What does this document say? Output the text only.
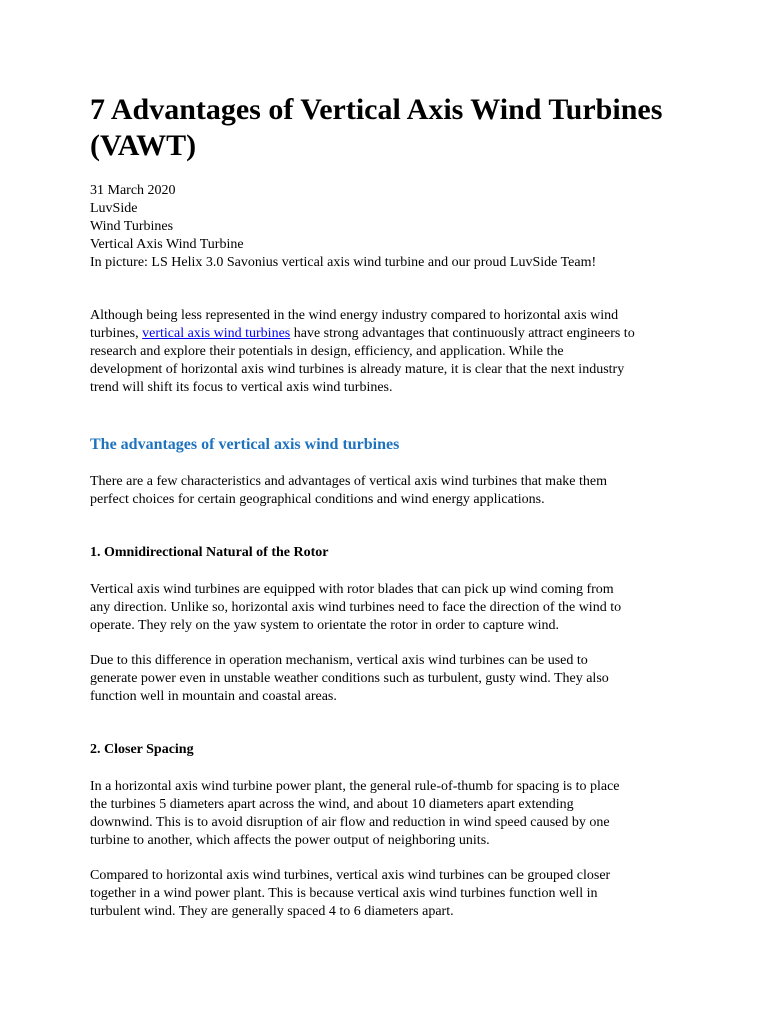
7 Advantages of Vertical Axis Wind Turbines
(VAWT)
31 March 2020
LuvSide
Wind Turbines
Vertical Axis Wind Turbine
In picture: LS Helix 3.0 Savonius vertical axis wind turbine and our proud LuvSide Team!

Although being less represented in the wind energy industry compared to horizontal axis wind
turbines, vertical axis wind turbines have strong advantages that continuously attract engineers to
research and explore their potentials in design, efficiency, and application. While the
development of horizontal axis wind turbines is already mature, it is clear that the next industry
trend will shift its focus to vertical axis wind turbines.

The advantages of vertical axis wind turbines

There are a few characteristics and advantages of vertical axis wind turbines that make them
perfect choices for certain geographical conditions and wind energy applications.

1. Omnidirectional Natural of the Rotor

Vertical axis wind turbines are equipped with rotor blades that can pick up wind coming from
any direction. Unlike so, horizontal axis wind turbines need to face the direction of the wind to
operate. They rely on the yaw system to orientate the rotor in order to capture wind.

Due to this difference in operation mechanism, vertical axis wind turbines can be used to
generate power even in unstable weather conditions such as turbulent, gusty wind. They also
function well in mountain and coastal areas.

2. Closer Spacing

In a horizontal axis wind turbine power plant, the general rule-of-thumb for spacing is to place
the turbines 5 diameters apart across the wind, and about 10 diameters apart extending
downwind. This is to avoid disruption of air flow and reduction in wind speed caused by one
turbine to another, which affects the power output of neighboring units.

Compared to horizontal axis wind turbines, vertical axis wind turbines can be grouped closer
together in a wind power plant. This is because vertical axis wind turbines function well in
turbulent wind. They are generally spaced 4 to 6 diameters apart.
